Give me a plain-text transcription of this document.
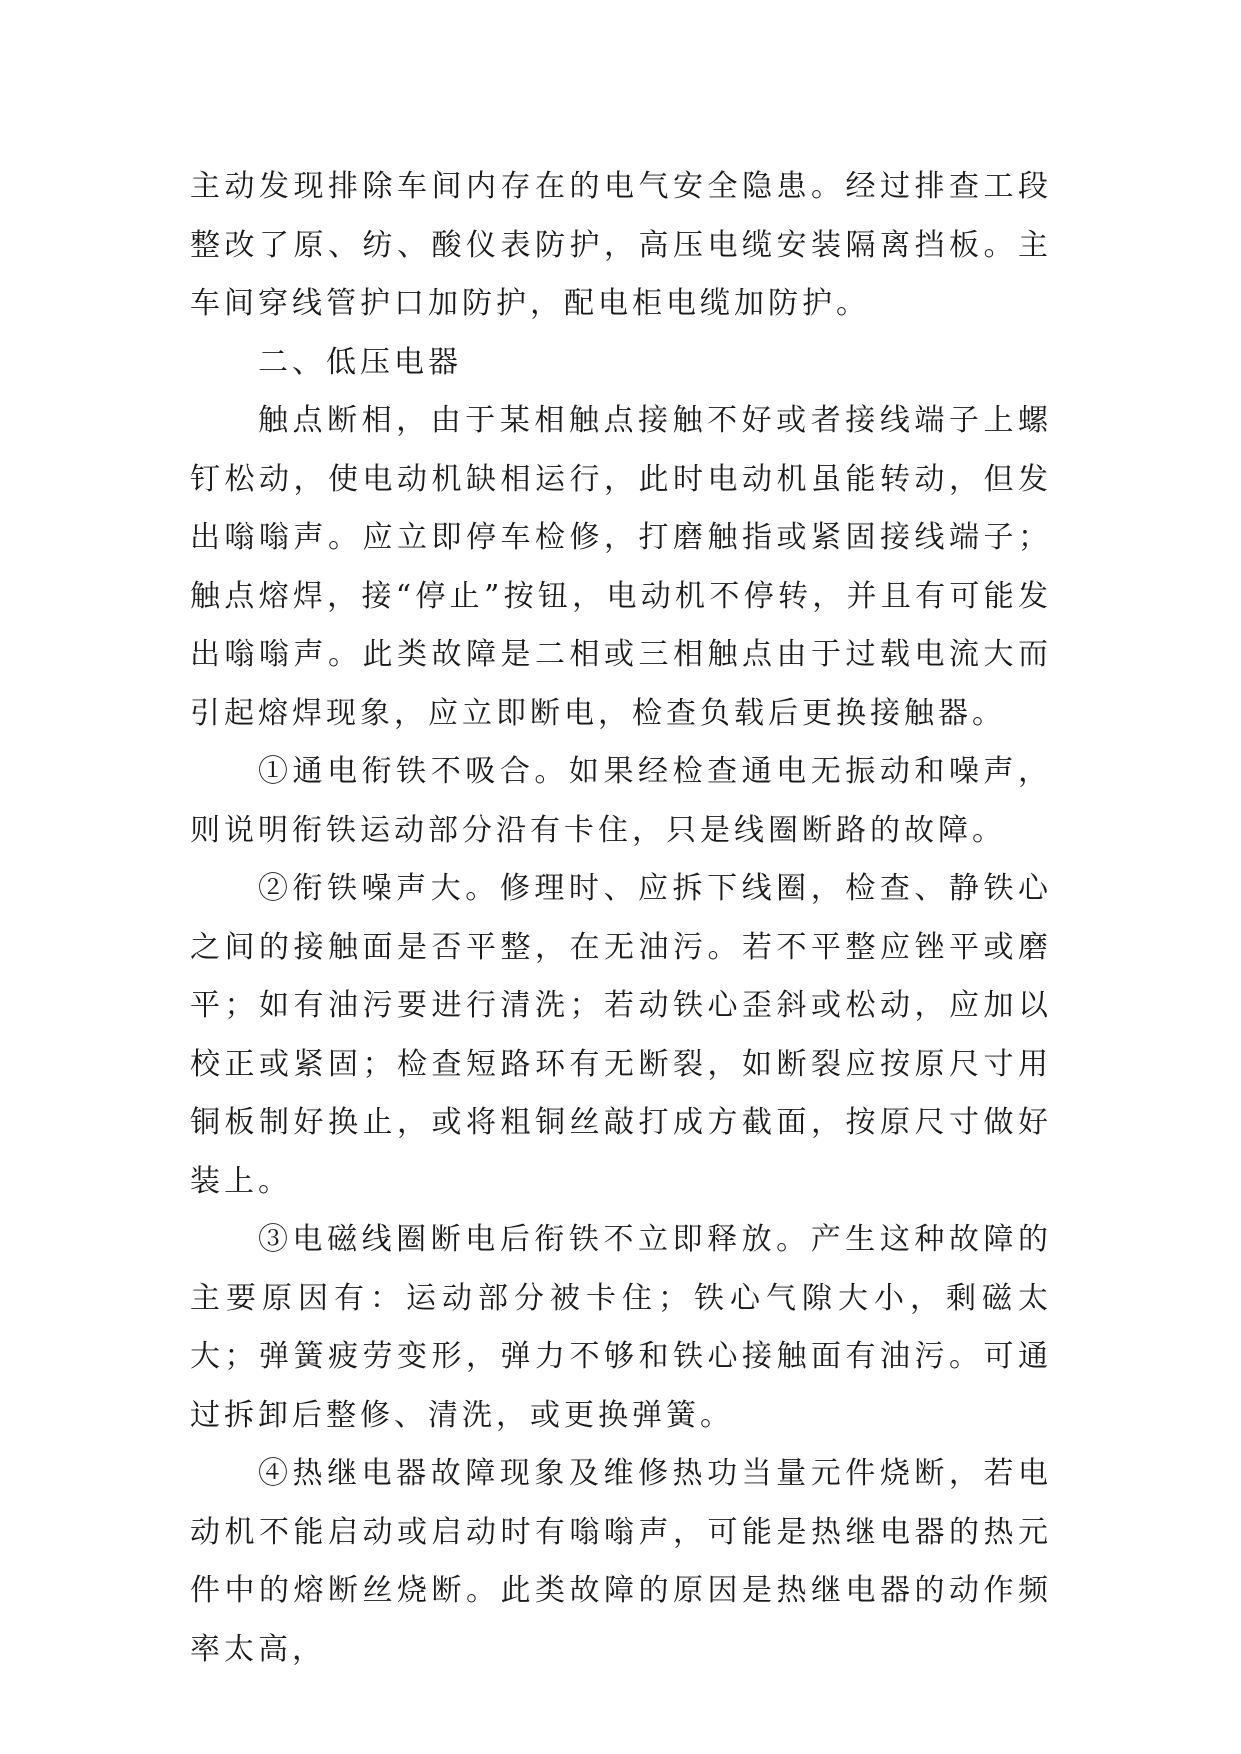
主动发现排除车间内存在的电气安全隐患。经过排查工段整改了原、纺、酸仪表防护，高压电缆安装隔离挡板。主车间穿线管护口加防护，配电柜电缆加防护。

二、低压电器

触点断相，由于某相触点接触不好或者接线端子上螺钉松动，使电动机缺相运行，此时电动机虽能转动，但发出嗡嗡声。应立即停车检修，打磨触指或紧固接线端子；触点熔焊，接“停止”按钮，电动机不停转，并且有可能发出嗡嗡声。此类故障是二相或三相触点由于过载电流大而引起熔焊现象，应立即断电，检查负载后更换接触器。

①通电衔铁不吸合。如果经检查通电无振动和噪声，则说明衔铁运动部分沿有卡住，只是线圈断路的故障。

②衔铁噪声大。修理时、应拆下线圈，检查、静铁心之间的接触面是否平整，在无油污。若不平整应锉平或磨平；如有油污要进行清洗；若动铁心歪斜或松动，应加以校正或紧固；检查短路环有无断裂，如断裂应按原尺寸用铜板制好换止，或将粗铜丝敲打成方截面，按原尺寸做好装上。

③电磁线圈断电后衔铁不立即释放。产生这种故障的主要原因有：运动部分被卡住；铁心气隙大小，剩磁太大；弹簧疲劳变形，弹力不够和铁心接触面有油污。可通过拆卸后整修、清洗，或更换弹簧。

④热继电器故障现象及维修热功当量元件烧断，若电动机不能启动或启动时有嗡嗡声，可能是热继电器的热元件中的熔断丝烧断。此类故障的原因是热继电器的动作频率太高，
